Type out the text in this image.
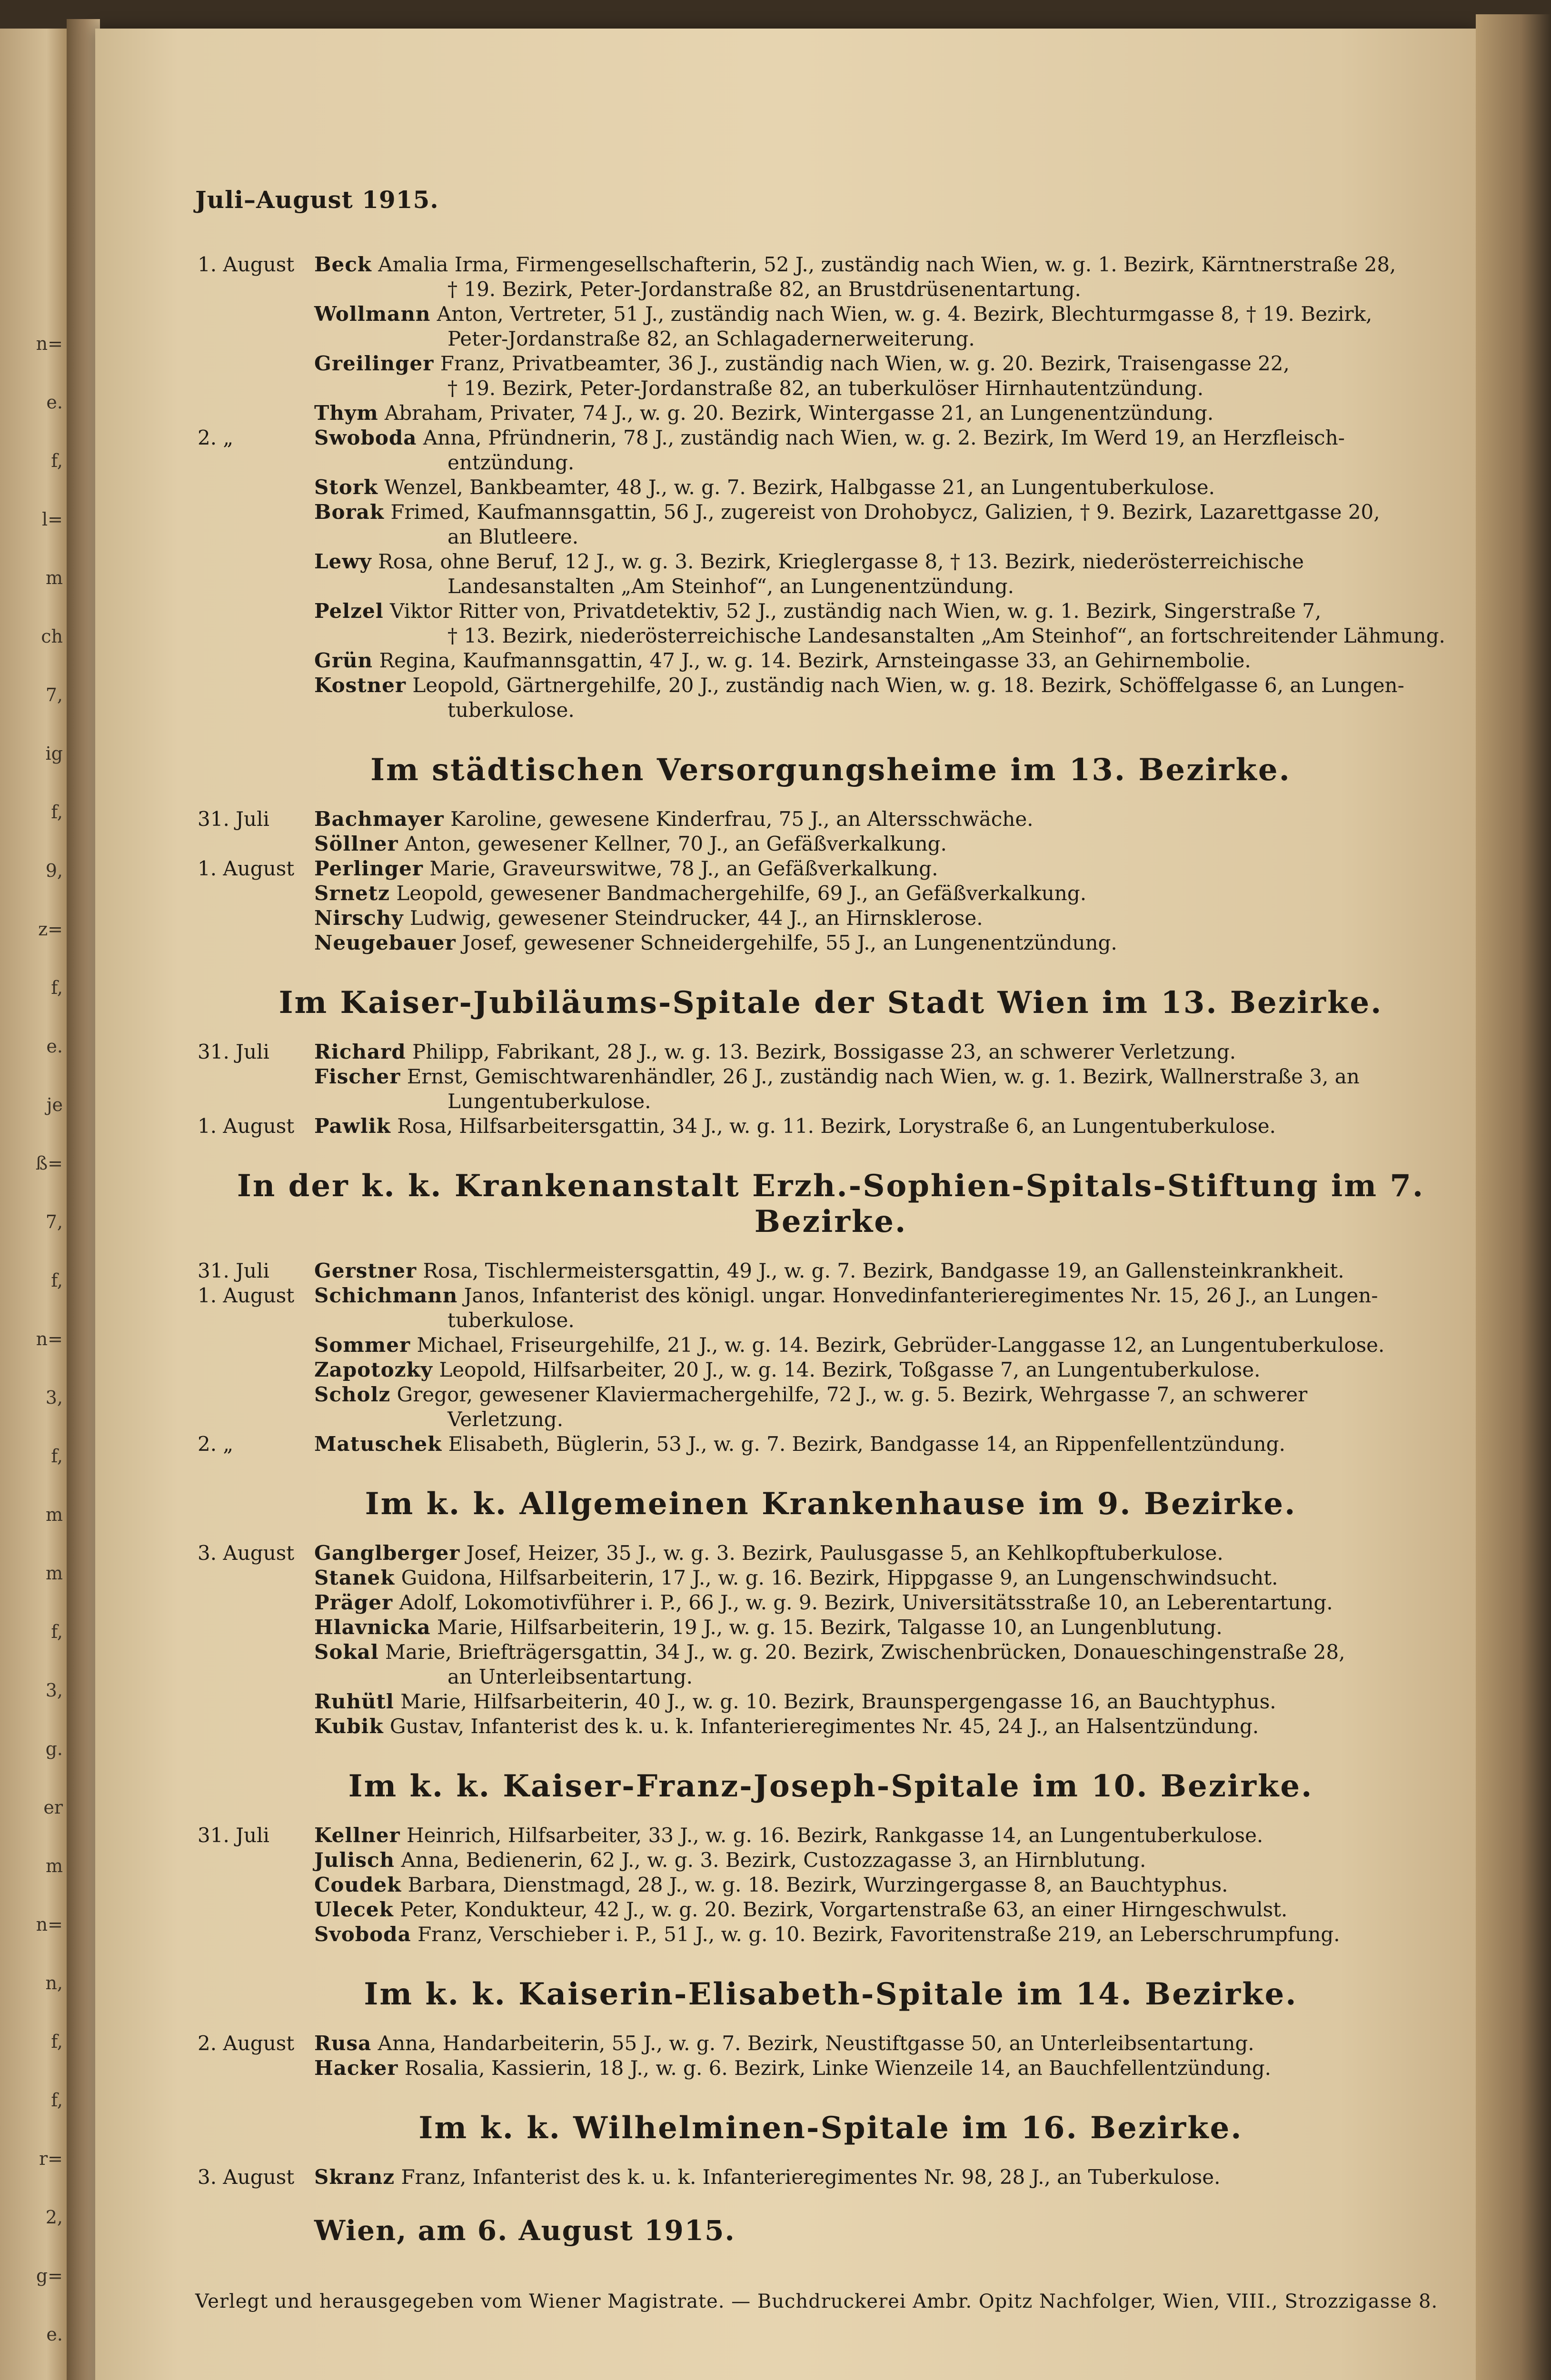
n=
e.
f,
l=
m
ch
7,
ig
f,
9,
z=
f,
e.
je
ß=
7,
f,
n=
3,
f,
m
m
f,
3,
g.
er
m
n=
n,
f,
f,
r=
2,
g=
e.
Juli–August 1915.
1. August Beck Amalia Irma, Firmengesellschafterin, 52 J., zuständig nach Wien, w. g. 1. Bezirk, Kärntnerstraße 28,
† 19. Bezirk, Peter-Jordanstraße 82, an Brustdrüsenentartung.
Wollmann Anton, Vertreter, 51 J., zuständig nach Wien, w. g. 4. Bezirk, Blechturmgasse 8, † 19. Bezirk,
Peter-Jordanstraße 82, an Schlagadernerweiterung.
Greilinger Franz, Privatbeamter, 36 J., zuständig nach Wien, w. g. 20. Bezirk, Traisengasse 22,
† 19. Bezirk, Peter-Jordanstraße 82, an tuberkulöser Hirnhautentzündung.
Thym Abraham, Privater, 74 J., w. g. 20. Bezirk, Wintergasse 21, an Lungenentzündung.
2. „	Swoboda Anna, Pfründnerin, 78 J., zuständig nach Wien, w. g. 2. Bezirk, Im Werd 19, an Herzfleisch-
entzündung.
Stork Wenzel, Bankbeamter, 48 J., w. g. 7. Bezirk, Halbgasse 21, an Lungentuberkulose.
Borak Frimed, Kaufmannsgattin, 56 J., zugereist von Drohobycz, Galizien, † 9. Bezirk, Lazarettgasse 20,
an Blutleere.
Lewy Rosa, ohne Beruf, 12 J., w. g. 3. Bezirk, Krieglergasse 8, † 13. Bezirk, niederösterreichische
Landesanstalten „Am Steinhof“, an Lungenentzündung.
Pelzel Viktor Ritter von, Privatdetektiv, 52 J., zuständig nach Wien, w. g. 1. Bezirk, Singerstraße 7,
† 13. Bezirk, niederösterreichische Landesanstalten „Am Steinhof“, an fortschreitender Lähmung.
Grün Regina, Kaufmannsgattin, 47 J., w. g. 14. Bezirk, Arnsteingasse 33, an Gehirnembolie.
Kostner Leopold, Gärtnergehilfe, 20 J., zuständig nach Wien, w. g. 18. Bezirk, Schöffelgasse 6, an Lungen-
tuberkulose.
Im städtischen Versorgungsheime im 13. Bezirke.
31. Juli	Bachmayer Karoline, gewesene Kinderfrau, 75 J., an Altersschwäche.
Söllner Anton, gewesener Kellner, 70 J., an Gefäßverkalkung.
1. August Perlinger Marie, Graveurswitwe, 78 J., an Gefäßverkalkung.
Srnetz Leopold, gewesener Bandmachergehilfe, 69 J., an Gefäßverkalkung.
Nirschy Ludwig, gewesener Steindrucker, 44 J., an Hirnsklerose.
Neugebauer Josef, gewesener Schneidergehilfe, 55 J., an Lungenentzündung.
Im Kaiser-Jubiläums-Spitale der Stadt Wien im 13. Bezirke.
31. Juli	Richard Philipp, Fabrikant, 28 J., w. g. 13. Bezirk, Bossigasse 23, an schwerer Verletzung.
Fischer Ernst, Gemischtwarenhändler, 26 J., zuständig nach Wien, w. g. 1. Bezirk, Wallnerstraße 3, an
Lungentuberkulose.
1. August Pawlik Rosa, Hilfsarbeitersgattin, 34 J., w. g. 11. Bezirk, Lorystraße 6, an Lungentuberkulose.
In der k. k. Krankenanstalt Erzh.-Sophien-Spitals-Stiftung im 7. Bezirke.
31. Juli	Gerstner Rosa, Tischlermeistersgattin, 49 J., w. g. 7. Bezirk, Bandgasse 19, an Gallensteinkrankheit.
1. August Schichmann Janos, Infanterist des königl. ungar. Honvedinfanterieregimentes Nr. 15, 26 J., an Lungen-
tuberkulose.
Sommer Michael, Friseurgehilfe, 21 J., w. g. 14. Bezirk, Gebrüder-Langgasse 12, an Lungentuberkulose.
Zapotozky Leopold, Hilfsarbeiter, 20 J., w. g. 14. Bezirk, Toßgasse 7, an Lungentuberkulose.
Scholz Gregor, gewesener Klaviermachergehilfe, 72 J., w. g. 5. Bezirk, Wehrgasse 7, an schwerer
Verletzung.
2. „	Matuschek Elisabeth, Büglerin, 53 J., w. g. 7. Bezirk, Bandgasse 14, an Rippenfellentzündung.
Im k. k. Allgemeinen Krankenhause im 9. Bezirke.
3. August Ganglberger Josef, Heizer, 35 J., w. g. 3. Bezirk, Paulusgasse 5, an Kehlkopftuberkulose.
Stanek Guidona, Hilfsarbeiterin, 17 J., w. g. 16. Bezirk, Hippgasse 9, an Lungenschwindsucht.
Präger Adolf, Lokomotivführer i. P., 66 J., w. g. 9. Bezirk, Universitätsstraße 10, an Leberentartung.
Hlavnicka Marie, Hilfsarbeiterin, 19 J., w. g. 15. Bezirk, Talgasse 10, an Lungenblutung.
Sokal Marie, Briefträgersgattin, 34 J., w. g. 20. Bezirk, Zwischenbrücken, Donaueschingenstraße 28,
an Unterleibsentartung.
Ruhütl Marie, Hilfsarbeiterin, 40 J., w. g. 10. Bezirk, Braunspergengasse 16, an Bauchtyphus.
Kubik Gustav, Infanterist des k. u. k. Infanterieregimentes Nr. 45, 24 J., an Halsentzündung.
Im k. k. Kaiser-Franz-Joseph-Spitale im 10. Bezirke.
31. Juli	Kellner Heinrich, Hilfsarbeiter, 33 J., w. g. 16. Bezirk, Rankgasse 14, an Lungentuberkulose.
Julisch Anna, Bedienerin, 62 J., w. g. 3. Bezirk, Custozzagasse 3, an Hirnblutung.
Coudek Barbara, Dienstmagd, 28 J., w. g. 18. Bezirk, Wurzingergasse 8, an Bauchtyphus.
Ulecek Peter, Kondukteur, 42 J., w. g. 20. Bezirk, Vorgartenstraße 63, an einer Hirngeschwulst.
Svoboda Franz, Verschieber i. P., 51 J., w. g. 10. Bezirk, Favoritenstraße 219, an Leberschrumpfung.
Im k. k. Kaiserin-Elisabeth-Spitale im 14. Bezirke.
2. August Rusa Anna, Handarbeiterin, 55 J., w. g. 7. Bezirk, Neustiftgasse 50, an Unterleibsentartung.
Hacker Rosalia, Kassierin, 18 J., w. g. 6. Bezirk, Linke Wienzeile 14, an Bauchfellentzündung.
Im k. k. Wilhelminen-Spitale im 16. Bezirke.
3. August Skranz Franz, Infanterist des k. u. k. Infanterieregimentes Nr. 98, 28 J., an Tuberkulose.
Wien, am 6. August 1915.
Verlegt und herausgegeben vom Wiener Magistrate. — Buchdruckerei Ambr. Opitz Nachfolger, Wien, VIII., Strozzigasse 8.
